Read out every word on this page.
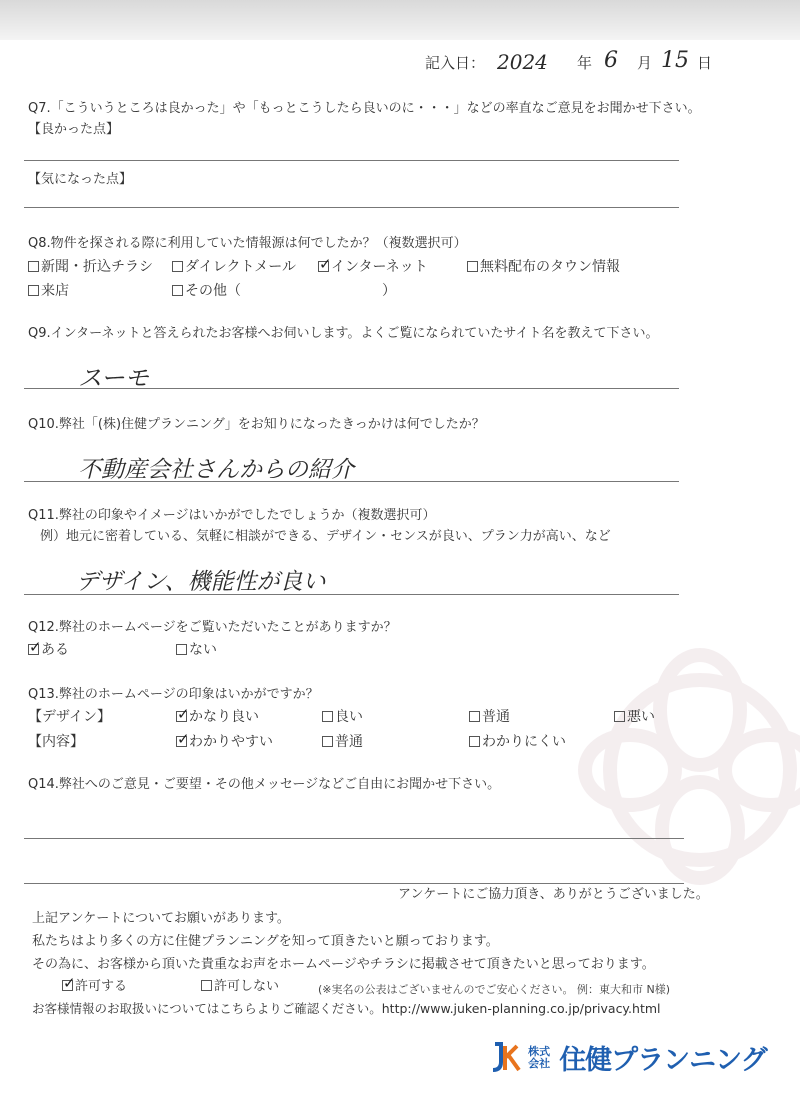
記入日： 2024 年 6 月 15 日
Q7.「こういうところは良かった」や「もっとこうしたら良いのに・・・」などの率直なご意見をお聞かせ下さい。
【良かった点】
【気になった点】
Q8.物件を探される際に利用していた情報源は何でしたか？（複数選択可）
新聞・折込チラシ	ダイレクトメール ✓	インターネット	無料配布のタウン情報
来店	その他（	）
Q9.インターネットと答えられたお客様へお伺いします。よくご覧になられていたサイト名を教えて下さい。
スーモ
Q10.弊社「(株)住健プランニング」をお知りになったきっかけは何でしたか？
不動産会社さんからの紹介
Q11.弊社の印象やイメージはいかがでしたでしょうか（複数選択可）
例）地元に密着している、気軽に相談ができる、デザイン・センスが良い、プラン力が高い、など
デザイン、機能性が良い
Q12.弊社のホームページをご覧いただいたことがありますか？
✓ある	ない
Q13.弊社のホームページの印象はいかがですか？
【デザイン】 ✓	かなり良い	良い	普通	悪い
【内容】 ✓	わかりやすい	普通	わかりにくい
Q14.弊社へのご意見・ご要望・その他メッセージなどご自由にお聞かせ下さい。
アンケートにご協力頂き、ありがとうございました。
上記アンケートについてお願いがあります。
私たちはより多くの方に住健プランニングを知って頂きたいと願っております。
その為に、お客様から頂いた貴重なお声をホームページやチラシに掲載させて頂きたいと思っております。
✓許可する	許可しない	(※実名の公表はございませんのでご安心ください。 例：東大和市 N様)
お客様情報のお取扱いについてはこちらよりご確認ください。http://www.juken-planning.co.jp/privacy.html
株式会社 住健プランニング
